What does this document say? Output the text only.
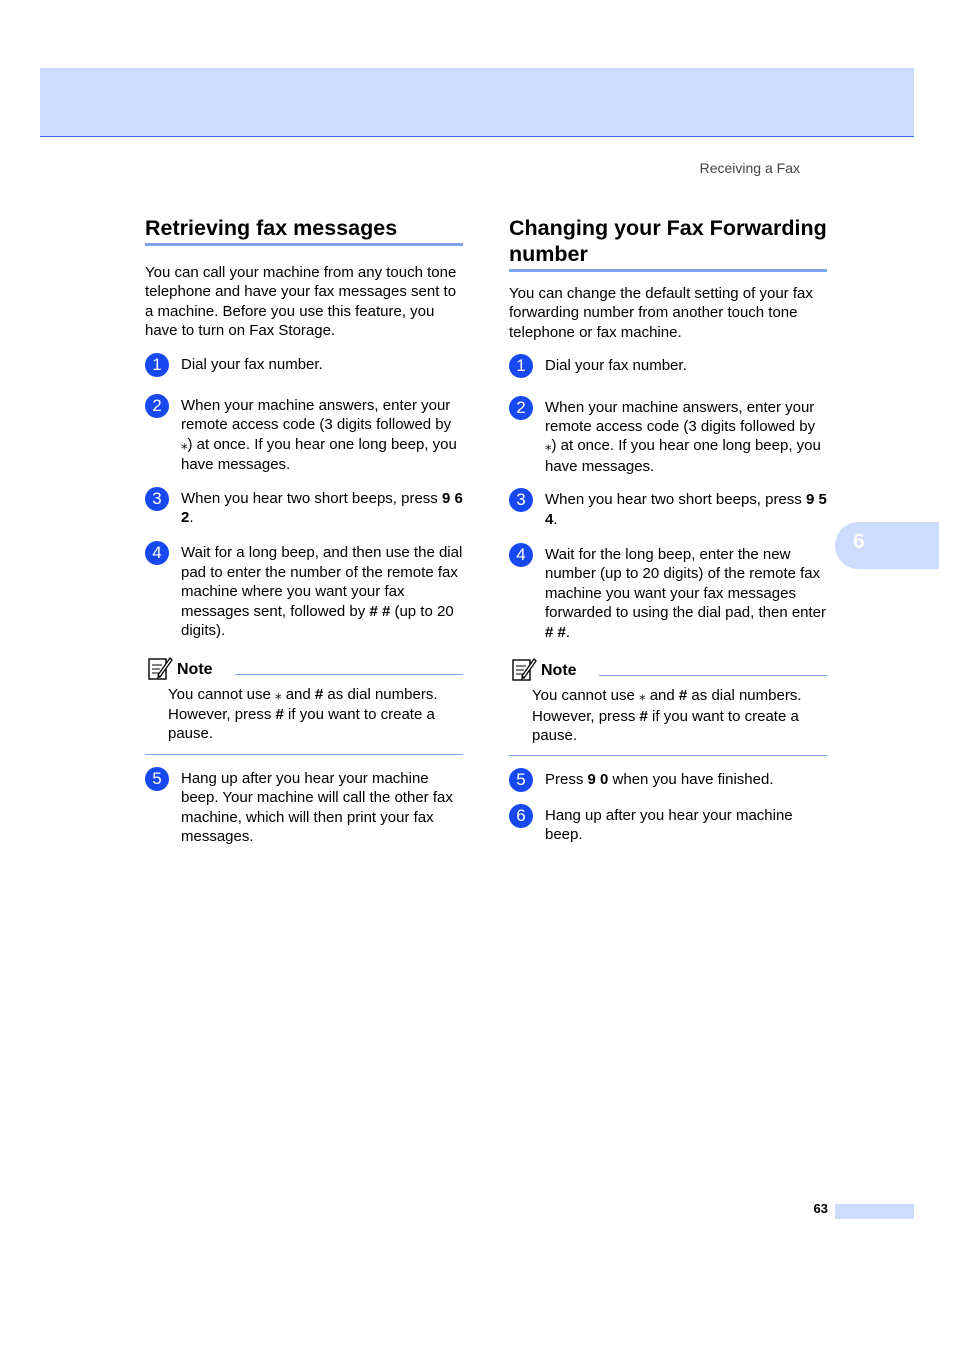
Receiving a Fax
6
Retrieving fax messages

You can call your machine from any touch tone telephone and have your fax messages sent to a machine. Before you use this feature, you have to turn on Fax Storage.

1	Dial your fax number.
2	When your machine answers, enter your remote access code (3 digits followed by ⁎) at once. If you hear one long beep, you have messages.
3	When you hear two short beeps, press 9 6 2.
4	Wait for a long beep, and then use the dial pad to enter the number of the remote fax machine where you want your fax messages sent, followed by # # (up to 20 digits).
Note

You cannot use ⁎ and # as dial numbers. However, press # if you want to create a pause.

5	Hang up after you hear your machine beep. Your machine will call the other fax machine, which will then print your fax messages.
Changing your Fax Forwarding number

You can change the default setting of your fax forwarding number from another touch tone telephone or fax machine.

1	Dial your fax number.
2	When your machine answers, enter your remote access code (3 digits followed by ⁎) at once. If you hear one long beep, you have messages.
3	When you hear two short beeps, press 9 5 4.
4	Wait for the long beep, enter the new number (up to 20 digits) of the remote fax machine you want your fax messages forwarded to using the dial pad, then enter # #.
Note

You cannot use ⁎ and # as dial numbers. However, press # if you want to create a pause.

5	Press 9 0 when you have finished.
6	Hang up after you hear your machine beep.
63
